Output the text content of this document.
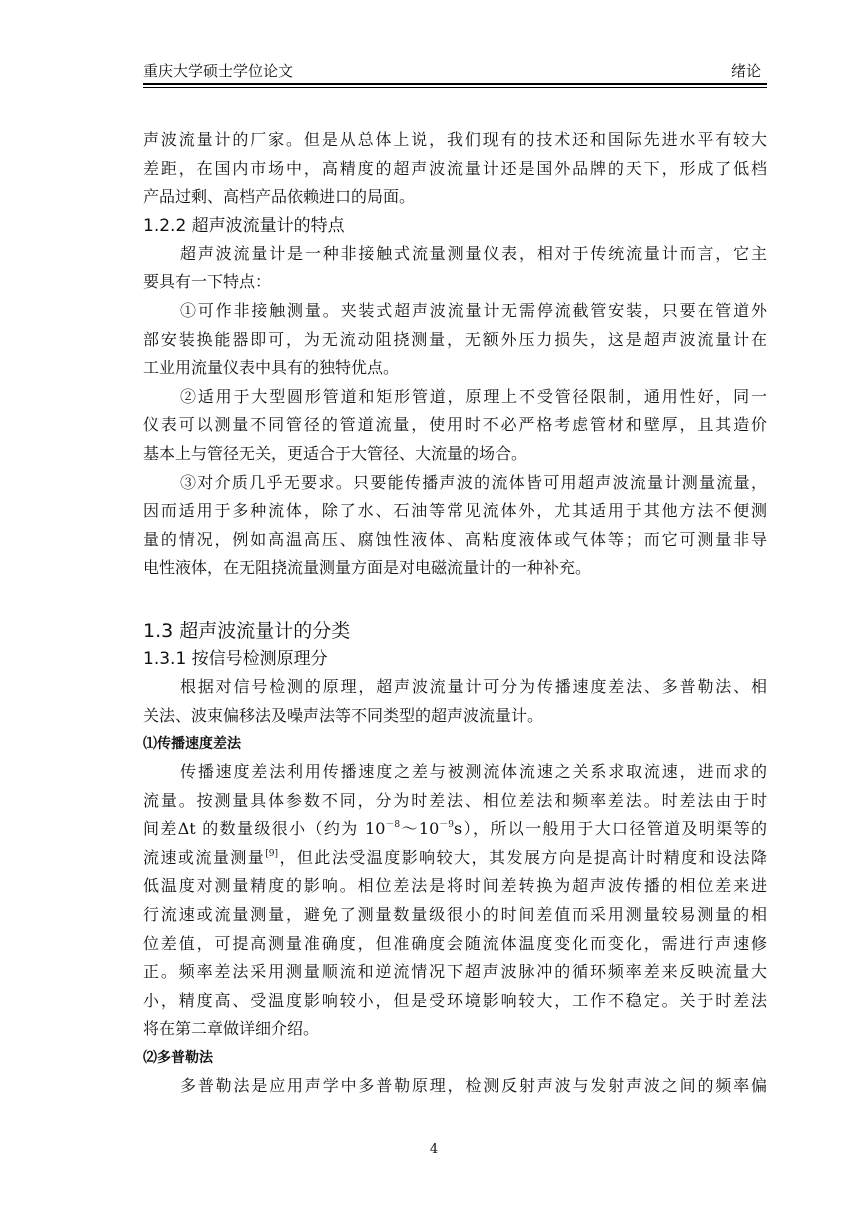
重庆大学硕士学位论文	绪论

声波流量计的厂家。但是从总体上说，我们现有的技术还和国际先进水平有较大

差距，在国内市场中，高精度的超声波流量计还是国外品牌的天下，形成了低档

产品过剩、高档产品依赖进口的局面。

1.2.2 超声波流量计的特点

超声波流量计是一种非接触式流量测量仪表，相对于传统流量计而言，它主

要具有一下特点：

①可作非接触测量。夹装式超声波流量计无需停流截管安装，只要在管道外

部安装换能器即可，为无流动阻挠测量，无额外压力损失，这是超声波流量计在

工业用流量仪表中具有的独特优点。

②适用于大型圆形管道和矩形管道，原理上不受管径限制，通用性好，同一

仪表可以测量不同管径的管道流量，使用时不必严格考虑管材和壁厚，且其造价

基本上与管径无关，更适合于大管径、大流量的场合。

③对介质几乎无要求。只要能传播声波的流体皆可用超声波流量计测量流量，

因而适用于多种流体，除了水、石油等常见流体外，尤其适用于其他方法不便测

量的情况，例如高温高压、腐蚀性液体、高粘度液体或气体等；而它可测量非导

电性液体，在无阻挠流量测量方面是对电磁流量计的一种补充。

1.3 超声波流量计的分类
1.3.1 按信号检测原理分

根据对信号检测的原理，超声波流量计可分为传播速度差法、多普勒法、相

关法、波束偏移法及噪声法等不同类型的超声波流量计。

⑴传播速度差法

传播速度差法利用传播速度之差与被测流体流速之关系求取流速，进而求的

流量。按测量具体参数不同，分为时差法、相位差法和频率差法。时差法由于时

间差Δt 的数量级很小（约为 $10^{-8}\sim 10^{-9}s$），所以一般用于大口径管道及明渠等的

流速或流量测量[9]，但此法受温度影响较大，其发展方向是提高计时精度和设法降

低温度对测量精度的影响。相位差法是将时间差转换为超声波传播的相位差来进

行流速或流量测量，避免了测量数量级很小的时间差值而采用测量较易测量的相

位差值，可提高测量准确度，但准确度会随流体温度变化而变化，需进行声速修

正。频率差法采用测量顺流和逆流情况下超声波脉冲的循环频率差来反映流量大

小，精度高、受温度影响较小，但是受环境影响较大，工作不稳定。关于时差法

将在第二章做详细介绍。

⑵多普勒法

多普勒法是应用声学中多普勒原理，检测反射声波与发射声波之间的频率偏

4
